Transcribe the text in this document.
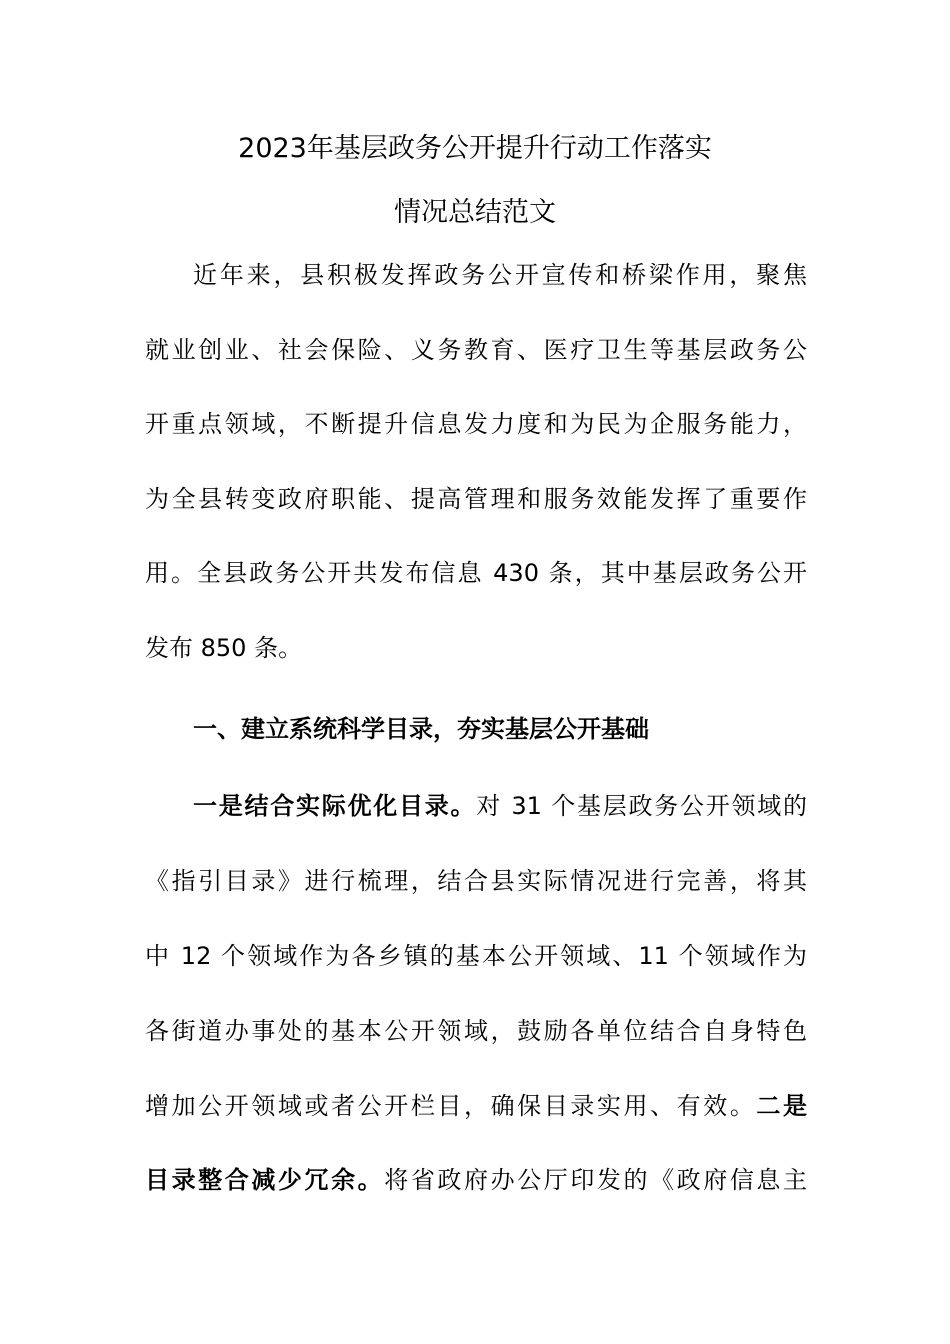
2023年基层政务公开提升行动工作落实
情况总结范文

近年来，县积极发挥政务公开宣传和桥梁作用，聚焦

就业创业、社会保险、义务教育、医疗卫生等基层政务公

开重点领域，不断提升信息发力度和为民为企服务能力，

为全县转变政府职能、提高管理和服务效能发挥了重要作

用。全县政务公开共发布信息 430 条，其中基层政务公开

发布 850 条。

一、建立系统科学目录，夯实基层公开基础

一是结合实际优化目录。对 31 个基层政务公开领域的

《指引目录》进行梳理，结合县实际情况进行完善，将其

中 12 个领域作为各乡镇的基本公开领域、11 个领域作为

各街道办事处的基本公开领域，鼓励各单位结合自身特色

增加公开领域或者公开栏目，确保目录实用、有效。二是

目录整合减少冗余。将省政府办公厅印发的《政府信息主
